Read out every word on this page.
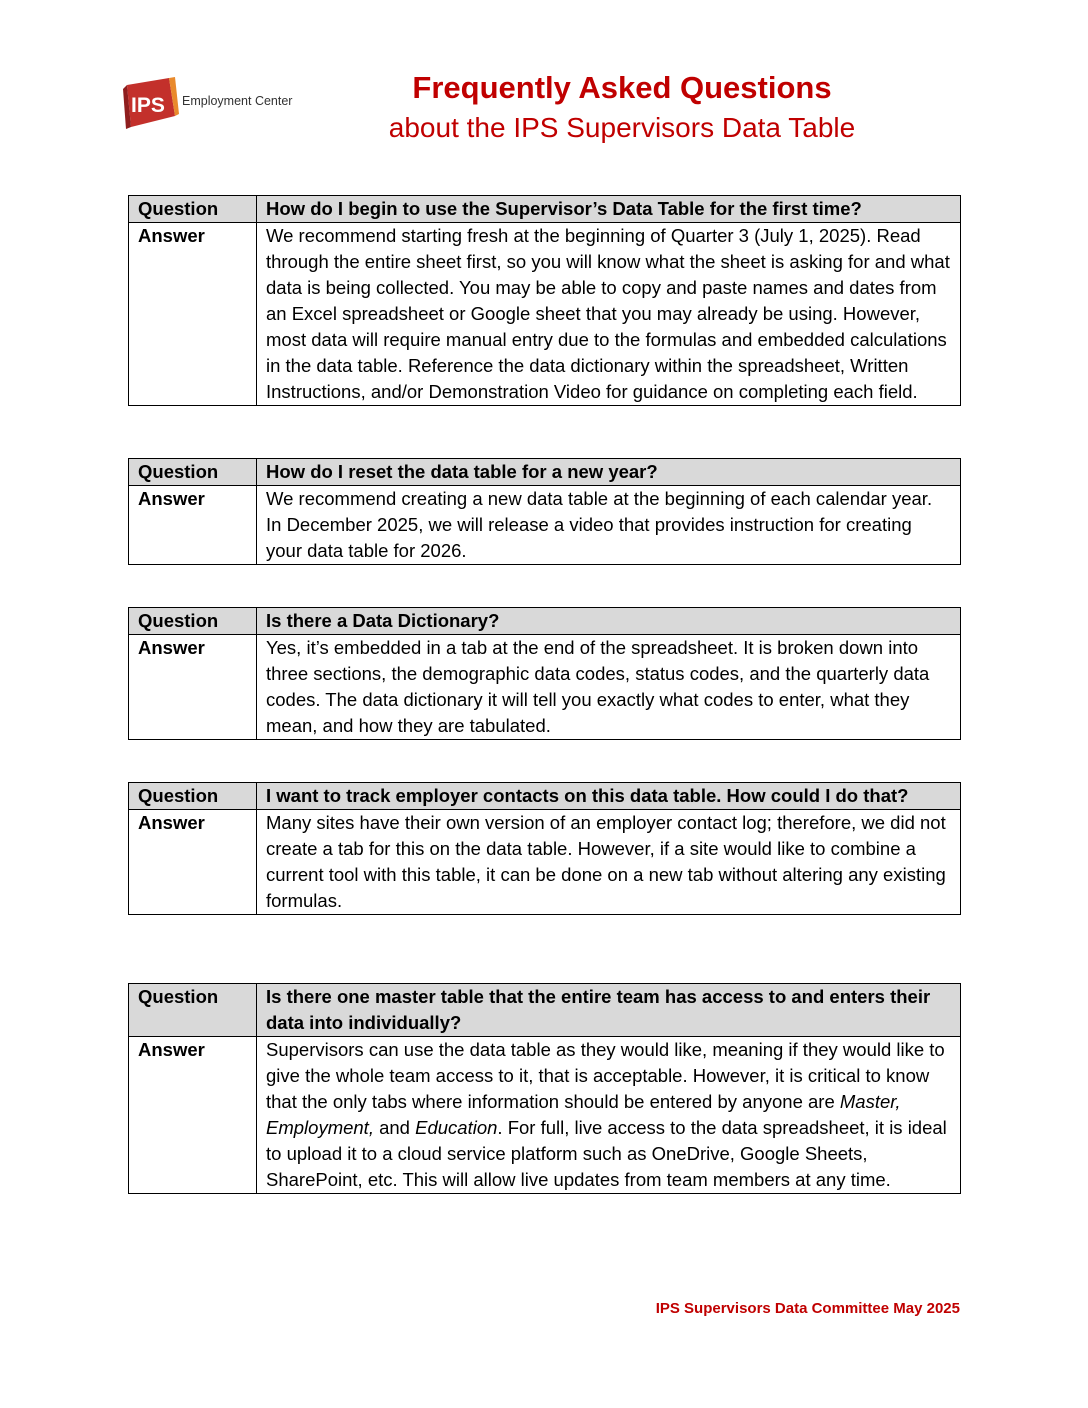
IPS Employment Center	Frequently Asked Questions
about the IPS Supervisors Data Table
Question	How do I begin to use the Supervisor’s Data Table for the first time?
Answer	We recommend starting fresh at the beginning of Quarter 3 (July 1, 2025). Read through the entire sheet first, so you will know what the sheet is asking for and what data is being collected. You may be able to copy and paste names and dates from an Excel spreadsheet or Google sheet that you may already be using. However, most data will require manual entry due to the formulas and embedded calculations in the data table. Reference the data dictionary within the spreadsheet, Written Instructions, and/or Demonstration Video for guidance on completing each field.
Question	How do I reset the data table for a new year?
Answer	We recommend creating a new data table at the beginning of each calendar year. In December 2025, we will release a video that provides instruction for creating your data table for 2026.
Question	Is there a Data Dictionary?
Answer	Yes, it’s embedded in a tab at the end of the spreadsheet. It is broken down into three sections, the demographic data codes, status codes, and the quarterly data codes. The data dictionary it will tell you exactly what codes to enter, what they mean, and how they are tabulated.
Question	I want to track employer contacts on this data table. How could I do that?
Answer	Many sites have their own version of an employer contact log; therefore, we did not create a tab for this on the data table. However, if a site would like to combine a current tool with this table, it can be done on a new tab without altering any existing formulas.
Question	Is there one master table that the entire team has access to and enters their data into individually?
Answer	Supervisors can use the data table as they would like, meaning if they would like to give the whole team access to it, that is acceptable. However, it is critical to know that the only tabs where information should be entered by anyone are Master, Employment, and Education. For full, live access to the data spreadsheet, it is ideal to upload it to a cloud service platform such as OneDrive, Google Sheets, SharePoint, etc. This will allow live updates from team members at any time.
IPS Supervisors Data Committee May 2025
